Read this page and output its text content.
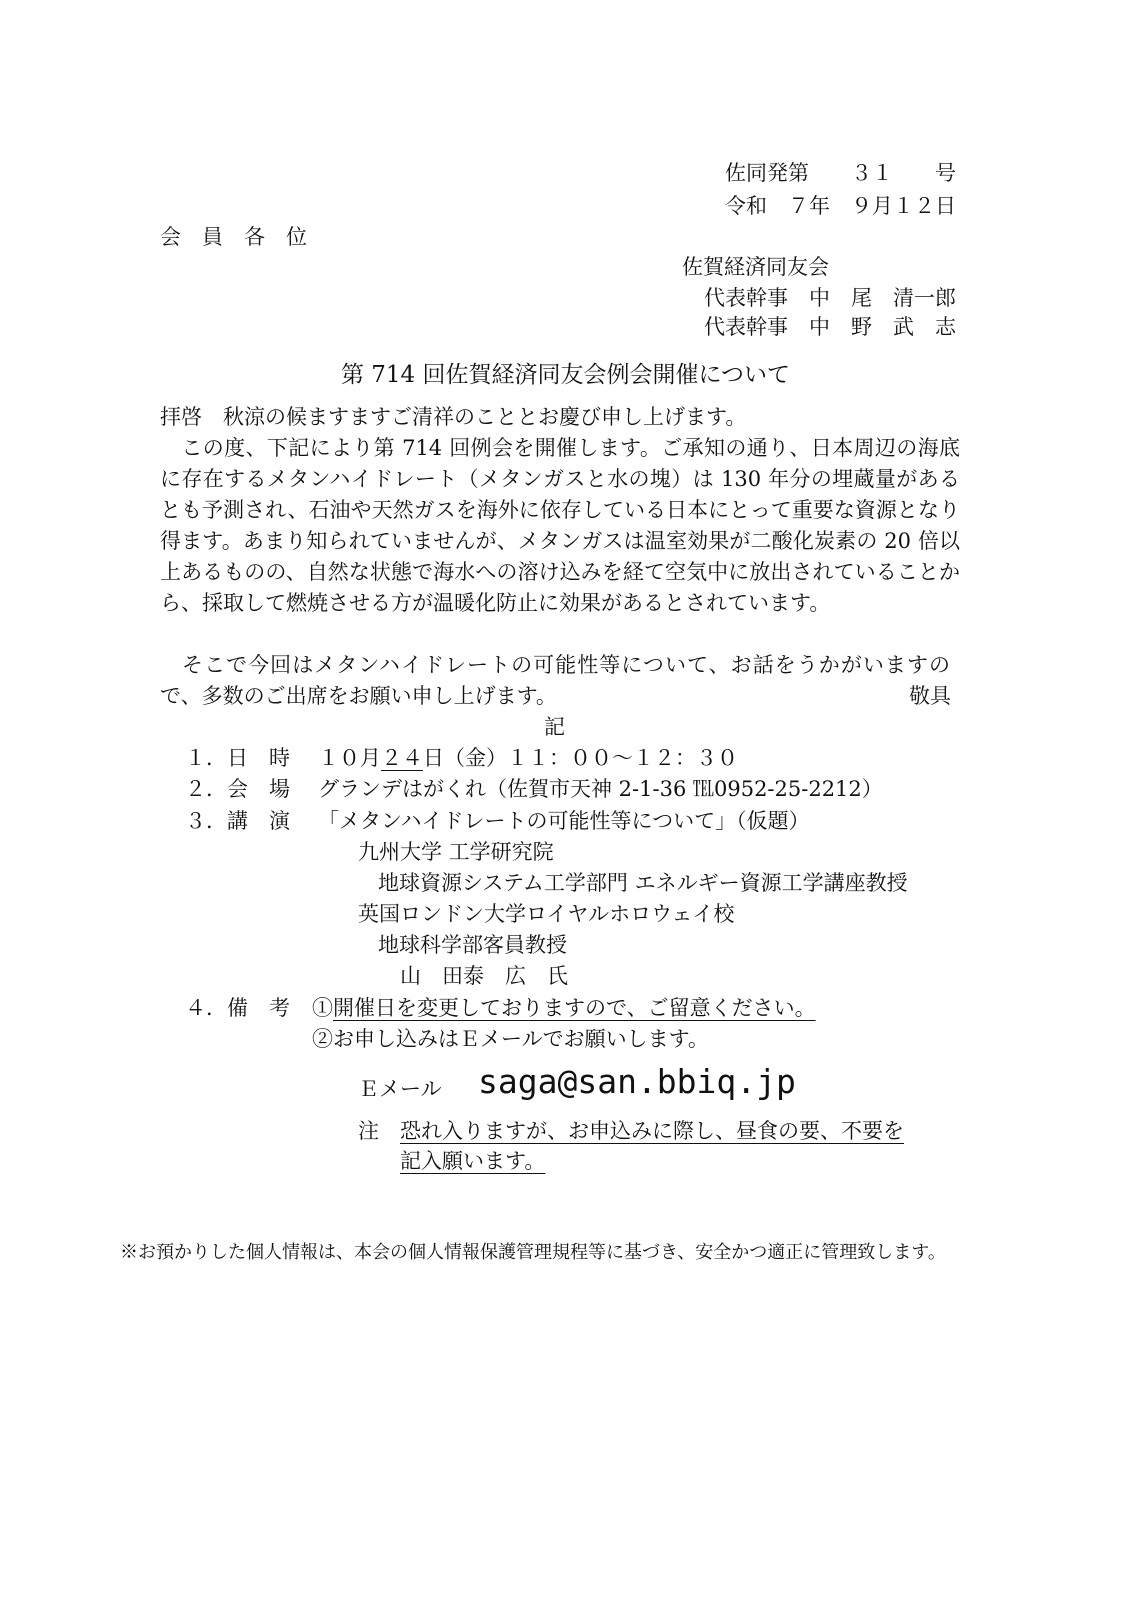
佐同発第　　３１　　号
令和　７年　９月１２日
会　員　各　位
佐賀経済同友会
代表幹事　中　尾　清一郎
代表幹事　中　野　武　志
第 714 回佐賀経済同友会例会開催について
拝啓　秋涼の候ますますご清祥のこととお慶び申し上げます。
　この度、下記により第 714 回例会を開催します。ご承知の通り、日本周辺の海底に存在するメタンハイドレート（メタンガスと水の塊）は 130 年分の埋蔵量があるとも予測され、石油や天然ガスを海外に依存している日本にとって重要な資源となり得ます。あまり知られていませんが、メタンガスは温室効果が二酸化炭素の 20 倍以上あるものの、自然な状態で海水への溶け込みを経て空気中に放出されていることから、採取して燃焼させる方が温暖化防止に効果があるとされています。
　そこで今回はメタンハイドレートの可能性等について、お話をうかがいますので、多数のご出席をお願い申し上げます。	敬具
記
１．日　時 １０月２４日（金）１１：００～１２：３０
２．会　場 グランデはがくれ（佐賀市天神 2-1-36 ℡0952-25-2212）
３．講　演 「メタンハイドレートの可能性等について」（仮題）
九州大学 工学研究院
地球資源システム工学部門 エネルギー資源工学講座教授
英国ロンドン大学ロイヤルホロウェイ校
地球科学部客員教授
山　田泰　広　氏
４．備　考 ①開催日を変更しておりますので、ご留意ください。
②お申し込みはＥメールでお願いします。
Ｅメール saga@san.bbiq.jp
注 恐れ入りますが、お申込みに際し、昼食の要、不要を
記入願います。
※お預かりした個人情報は、本会の個人情報保護管理規程等に基づき、安全かつ適正に管理致します。
